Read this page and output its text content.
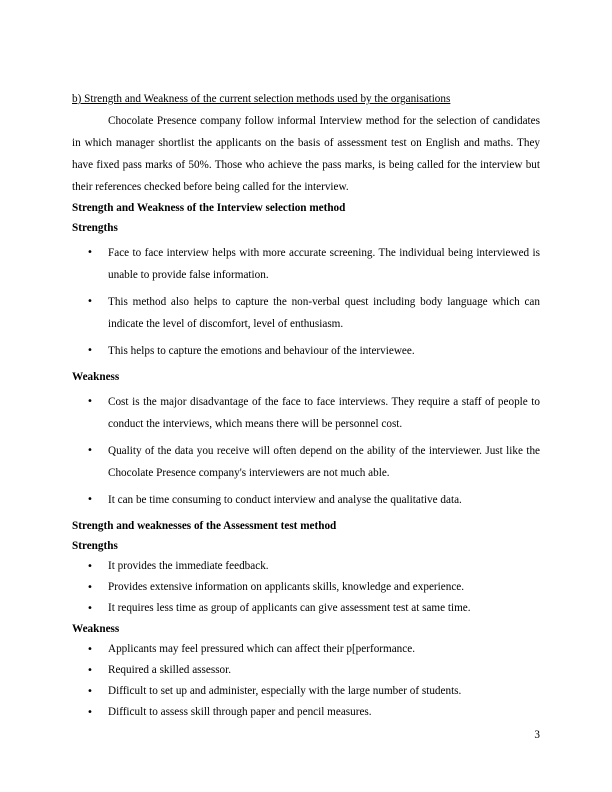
b) Strength and Weakness of the current selection methods used by the organisations

Chocolate Presence company follow informal Interview method for the selection of candidates in which manager shortlist the applicants on the basis of assessment test on English and maths. They have fixed pass marks of 50%. Those who achieve the pass marks, is being called for the interview but their references checked before being called for the interview.

Strength and Weakness of the Interview selection method

Strengths

• Face to face interview helps with more accurate screening. The individual being interviewed is unable to provide false information.
• This method also helps to capture the non-verbal quest including body language which can indicate the level of discomfort, level of enthusiasm.
• This helps to capture the emotions and behaviour of the interviewee.

Weakness

• Cost is the major disadvantage of the face to face interviews. They require a staff of people to conduct the interviews, which means there will be personnel cost.
• Quality of the data you receive will often depend on the ability of the interviewer. Just like the Chocolate Presence company's interviewers are not much able.
• It can be time consuming to conduct interview and analyse the qualitative data.

Strength and weaknesses of the Assessment test method

Strengths

• It provides the immediate feedback.
• Provides extensive information on applicants skills, knowledge and experience.
• It requires less time as group of applicants can give assessment test at same time.

Weakness

• Applicants may feel pressured which can affect their p[performance.
• Required a skilled assessor.
• Difficult to set up and administer, especially with the large number of students.
• Difficult to assess skill through paper and pencil measures.

3
